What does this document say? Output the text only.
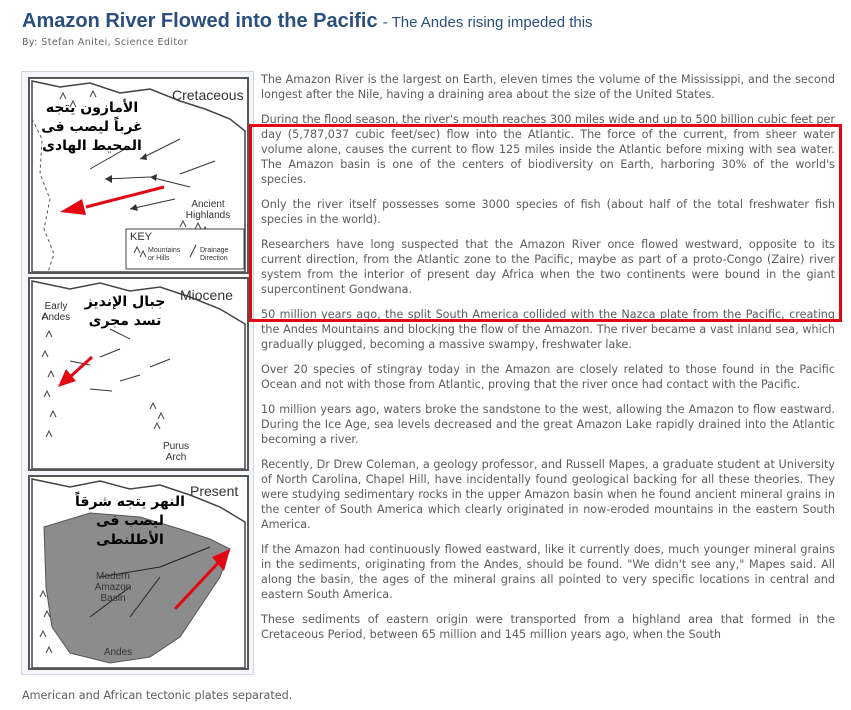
Amazon River Flowed into the Pacific - The Andes rising impeded this
By: Stefan Anitei, Science Editor
Cretaceous
Ancient Highlands
KEY
Mountains or Hills
Drainage Direction
الأمازون يتجه
غرباً ليصب فى
المحيط الهادى
Miocene
Early Andes
Purus Arch
جبال الإنديز
تسد مجرى
Present
Modern Amazon Basin
Andes
النهر يتجه شرقاً
ليصب فى
الأطلنطى

The Amazon River is the largest on Earth, eleven times the volume of the Mississippi, and the second longest after the Nile, having a draining area about the size of the United States.

During the flood season, the river's mouth reaches 300 miles wide and up to 500 billion cubic feet per day (5,787,037 cubic feet/sec) flow into the Atlantic. The force of the current, from sheer water volume alone, causes the current to flow 125 miles inside the Atlantic before mixing with sea water. The Amazon basin is one of the centers of biodiversity on Earth, harboring 30% of the world's species.

Only the river itself possesses some 3000 species of fish (about half of the total freshwater fish species in the world).

Researchers have long suspected that the Amazon River once flowed westward, opposite to its current direction, from the Atlantic zone to the Pacific, maybe as part of a proto-Congo (Zaire) river system from the interior of present day Africa when the two continents were bound in the giant supercontinent Gondwana.

50 million years ago, the split South America collided with the Nazca plate from the Pacific, creating the Andes Mountains and blocking the flow of the Amazon. The river became a vast inland sea, which gradually plugged, becoming a massive swampy, freshwater lake.

Over 20 species of stingray today in the Amazon are closely related to those found in the Pacific Ocean and not with those from Atlantic, proving that the river once had contact with the Pacific.

10 million years ago, waters broke the sandstone to the west, allowing the Amazon to flow eastward. During the Ice Age, sea levels decreased and the great Amazon Lake rapidly drained into the Atlantic becoming a river.

Recently, Dr Drew Coleman, a geology professor, and Russell Mapes, a graduate student at University of North Carolina, Chapel Hill, have incidentally found geological backing for all these theories. They were studying sedimentary rocks in the upper Amazon basin when he found ancient mineral grains in the center of South America which clearly originated in now-eroded mountains in the eastern South America.

If the Amazon had continuously flowed eastward, like it currently does, much younger mineral grains in the sediments, originating from the Andes, should be found. "We didn't see any," Mapes said. All along the basin, the ages of the mineral grains all pointed to very specific locations in central and eastern South America.

These sediments of eastern origin were transported from a highland area that formed in the Cretaceous Period, between 65 million and 145 million years ago, when the South

American and African tectonic plates separated.
